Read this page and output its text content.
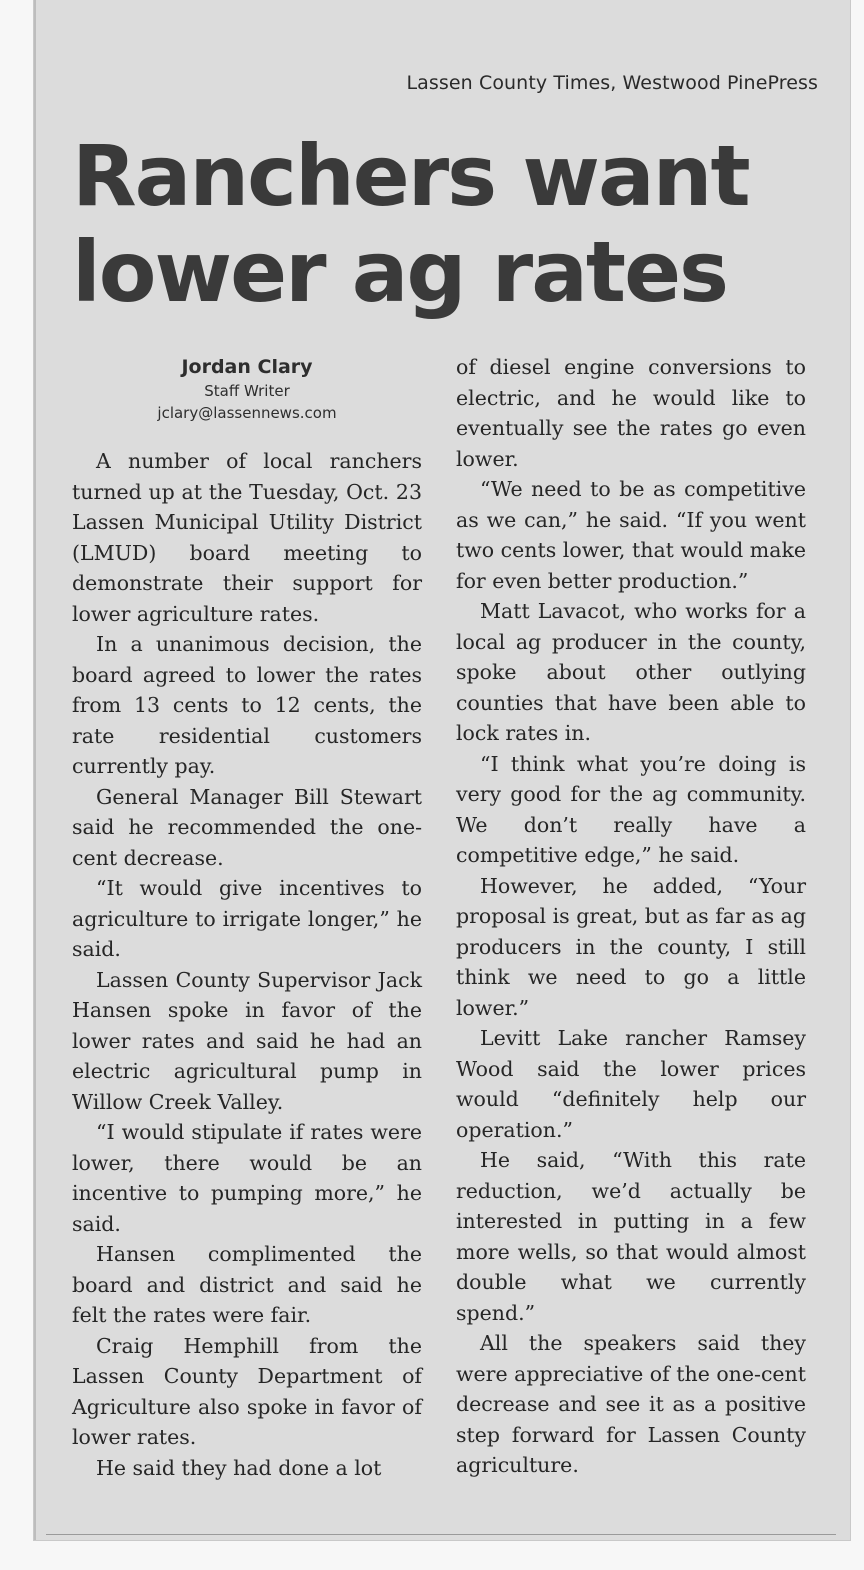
Lassen County Times, Westwood PinePress
Ranchers want
lower ag rates
Jordan Clary
Staff Writer
jclary@lassennews.com

A number of local ranchers turned up at the Tuesday, Oct. 23 Lassen Municipal Utility District (LMUD) board meeting to demonstrate their support for lower agriculture rates.

In a unanimous decision, the board agreed to lower the rates from 13 cents to 12 cents, the rate residential customers currently pay.

General Manager Bill Stewart said he recommended the one-cent decrease.

“It would give incentives to agriculture to irrigate longer,” he said.

Lassen County Supervisor Jack Hansen spoke in favor of the lower rates and said he had an electric agricultural pump in Willow Creek Valley.

“I would stipulate if rates were lower, there would be an incentive to pumping more,” he said.

Hansen complimented the board and district and said he felt the rates were fair.

Craig Hemphill from the Lassen County Department of Agriculture also spoke in favor of lower rates.

He said they had done a lot

of diesel engine conversions to electric, and he would like to eventually see the rates go even lower.

“We need to be as competitive as we can,” he said. “If you went two cents lower, that would make for even better production.”

Matt Lavacot, who works for a local ag producer in the county, spoke about other outlying counties that have been able to lock rates in.

“I think what you’re doing is very good for the ag community. We don’t really have a competitive edge,” he said.

However, he added, “Your proposal is great, but as far as ag producers in the county, I still think we need to go a little lower.”

Levitt Lake rancher Ramsey Wood said the lower prices would “definitely help our operation.”

He said, “With this rate reduction, we’d actually be interested in putting in a few more wells, so that would almost double what we currently spend.”

All the speakers said they were appreciative of the one-cent decrease and see it as a positive step forward for Lassen County agriculture.
